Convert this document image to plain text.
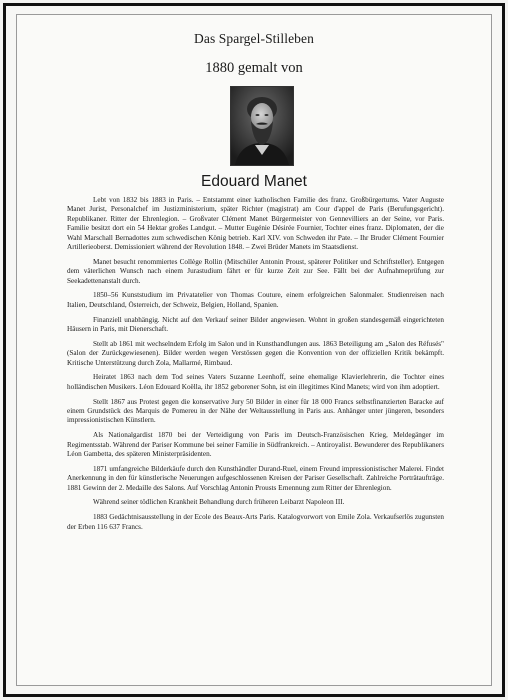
Das Spargel-Stilleben
1880 gemalt von
Edouard Manet

Lebt von 1832 bis 1883 in Paris. – Entstammt einer katholischen Familie des franz. Großbürgertums. Vater Auguste Manet Jurist, Personalchef im Justizministerium, später Richter (magistrat) am Cour d'appel de Paris (Berufungsgericht). Republikaner. Ritter der Ehrenlegion. – Großvater Clément Manet Bürgermeister von Gennevilliers an der Seine, vor Paris. Familie besitzt dort ein 54 Hektar großes Landgut. – Mutter Eugénie Désirée Fournier, Tochter eines franz. Diplomaten, der die Wahl Marschall Bernadottes zum schwedischen König betrieb. Karl XIV. von Schweden ihr Pate. – Ihr Bruder Clément Fournier Artillerieoberst. Demissioniert während der Revolution 1848. – Zwei Brüder Manets im Staatsdienst.

Manet besucht renommiertes Collège Rollin (Mitschüler Antonin Proust, späterer Politiker und Schriftsteller). Entgegen dem väterlichen Wunsch nach einem Jurastudium fährt er für kurze Zeit zur See. Fällt bei der Aufnahmeprüfung zur Seekadettenanstalt durch.

1850–56 Kunststudium im Privatatelier von Thomas Couture, einem erfolgreichen Salonmaler. Studienreisen nach Italien, Deutschland, Österreich, der Schweiz, Belgien, Holland, Spanien.

Finanziell unabhängig. Nicht auf den Verkauf seiner Bilder angewiesen. Wohnt in großen standesgemäß eingerichteten Häusern in Paris, mit Dienerschaft.

Stellt ab 1861 mit wechselndem Erfolg im Salon und in Kunsthandlungen aus. 1863 Beteiligung am „Salon des Réfusés" (Salon der Zurückgewiesenen). Bilder werden wegen Verstössen gegen die Konvention von der offiziellen Kritik bekämpft. Kritische Unterstützung durch Zola, Mallarmé, Rimbaud.

Heiratet 1863 nach dem Tod seines Vaters Suzanne Leenhoff, seine ehemalige Klavierlehrerin, die Tochter eines holländischen Musikers. Léon Edouard Koëlla, ihr 1852 geborener Sohn, ist ein illegitimes Kind Manets; wird von ihm adoptiert.

Stellt 1867 aus Protest gegen die konservative Jury 50 Bilder in einer für 18 000 Francs selbstfinanzierten Baracke auf einem Grundstück des Marquis de Pomereu in der Nähe der Weltausstellung in Paris aus. Anhänger unter jüngeren, besonders impressionistischen Künstlern.

Als Nationalgardist 1870 bei der Verteidigung von Paris im Deutsch-Französischen Krieg, Meldegänger im Regimentsstab. Während der Pariser Kommune bei seiner Familie in Südfrankreich. – Antiroyalist. Bewunderer des Republikaners Léon Gambetta, des späteren Ministerpräsidenten.

1871 umfangreiche Bilderkäufe durch den Kunsthändler Durand-Ruel, einem Freund impressionistischer Malerei. Findet Anerkennung in den für künstlerische Neuerungen aufgeschlossenen Kreisen der Pariser Gesellschaft. Zahlreiche Porträtaufträge. 1881 Gewinn der 2. Medaille des Salons. Auf Vorschlag Antonin Prousts Ernennung zum Ritter der Ehrenlegion.

Während seiner tödlichen Krankheit Behandlung durch früheren Leibarzt Napoleon III.

1883 Gedächtnisausstellung in der Ecole des Beaux-Arts Paris. Katalogvorwort von Emile Zola. Verkaufserlös zugunsten der Erben 116 637 Francs.
